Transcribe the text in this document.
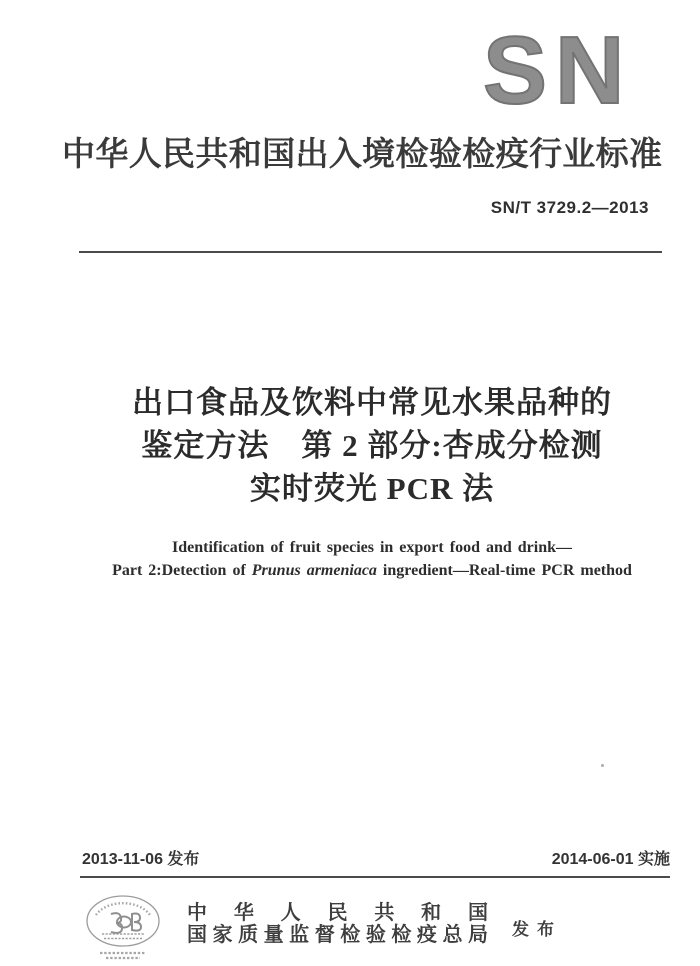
SN
中华人民共和国出入境检验检疫行业标准
SN/T 3729.2—2013
出口食品及饮料中常见水果品种的
鉴定方法　第 2 部分:杏成分检测
实时荧光 PCR 法
Identification of fruit species in export food and drink—
Part 2:Detection of Prunus armeniaca ingredient—Real-time PCR method
2013-11-06 发布	2014-06-01 实施
中华人民共和国
国家质量监督检验检疫总局 发布
